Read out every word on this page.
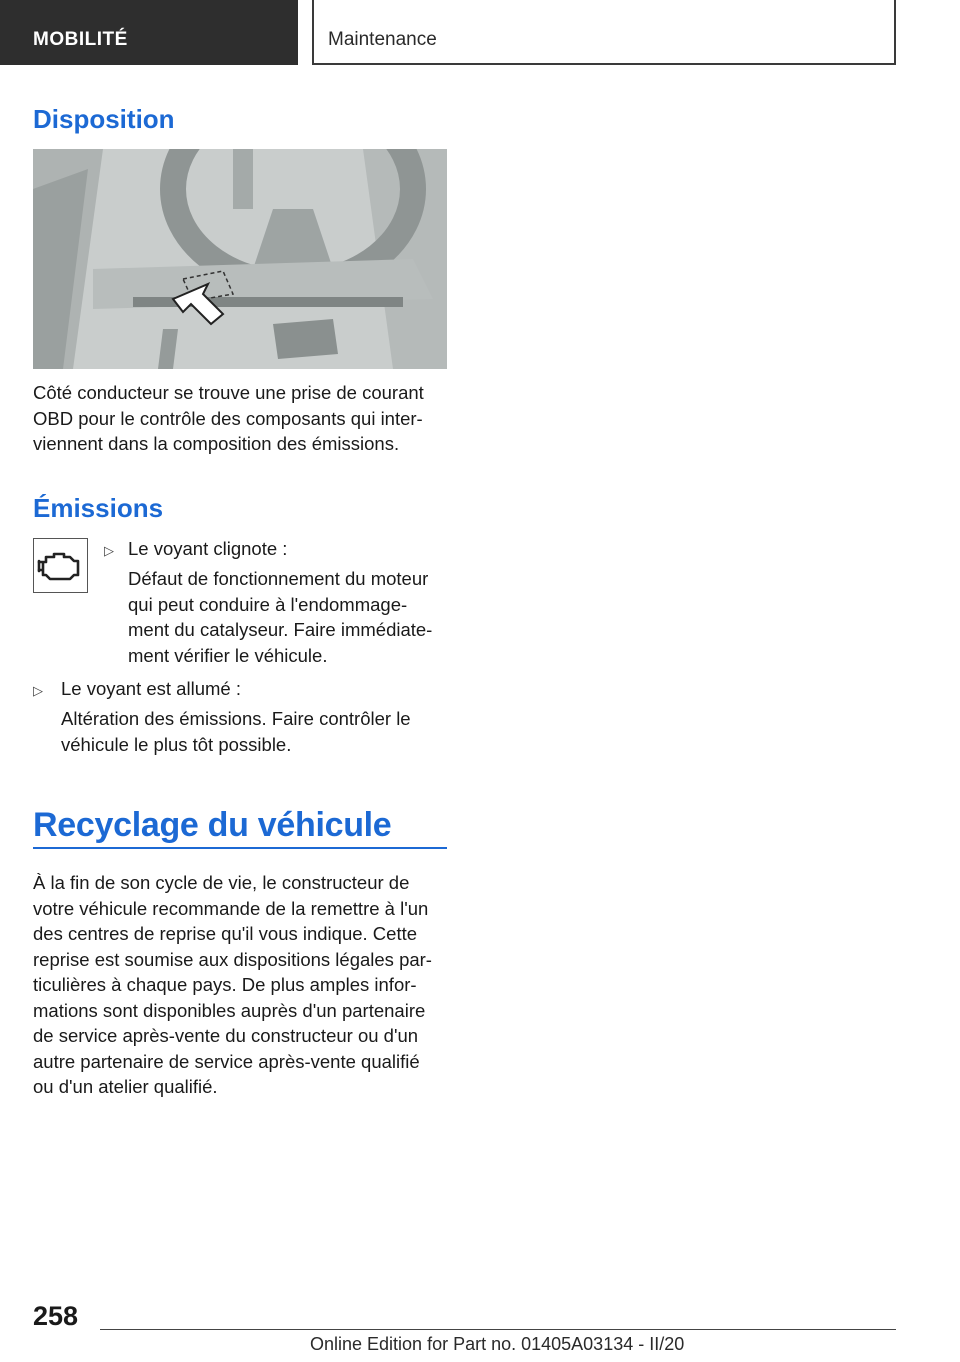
MOBILITÉ	Maintenance
Disposition
Côté conducteur se trouve une prise de courant
OBD pour le contrôle des composants qui inter-
viennent dans la composition des émissions.
Émissions
▷ Le voyant clignote :
Défaut de fonctionnement du moteur
qui peut conduire à l'endommage-
ment du catalyseur. Faire immédiate-
ment vérifier le véhicule.
▷ Le voyant est allumé :
Altération des émissions. Faire contrôler le
véhicule le plus tôt possible.
Recyclage du véhicule
À la fin de son cycle de vie, le constructeur de
votre véhicule recommande de la remettre à l'un
des centres de reprise qu'il vous indique. Cette
reprise est soumise aux dispositions légales par-
ticulières à chaque pays. De plus amples infor-
mations sont disponibles auprès d'un partenaire
de service après-vente du constructeur ou d'un
autre partenaire de service après-vente qualifié
ou d'un atelier qualifié.
258
Online Edition for Part no. 01405A03134 - II/20
